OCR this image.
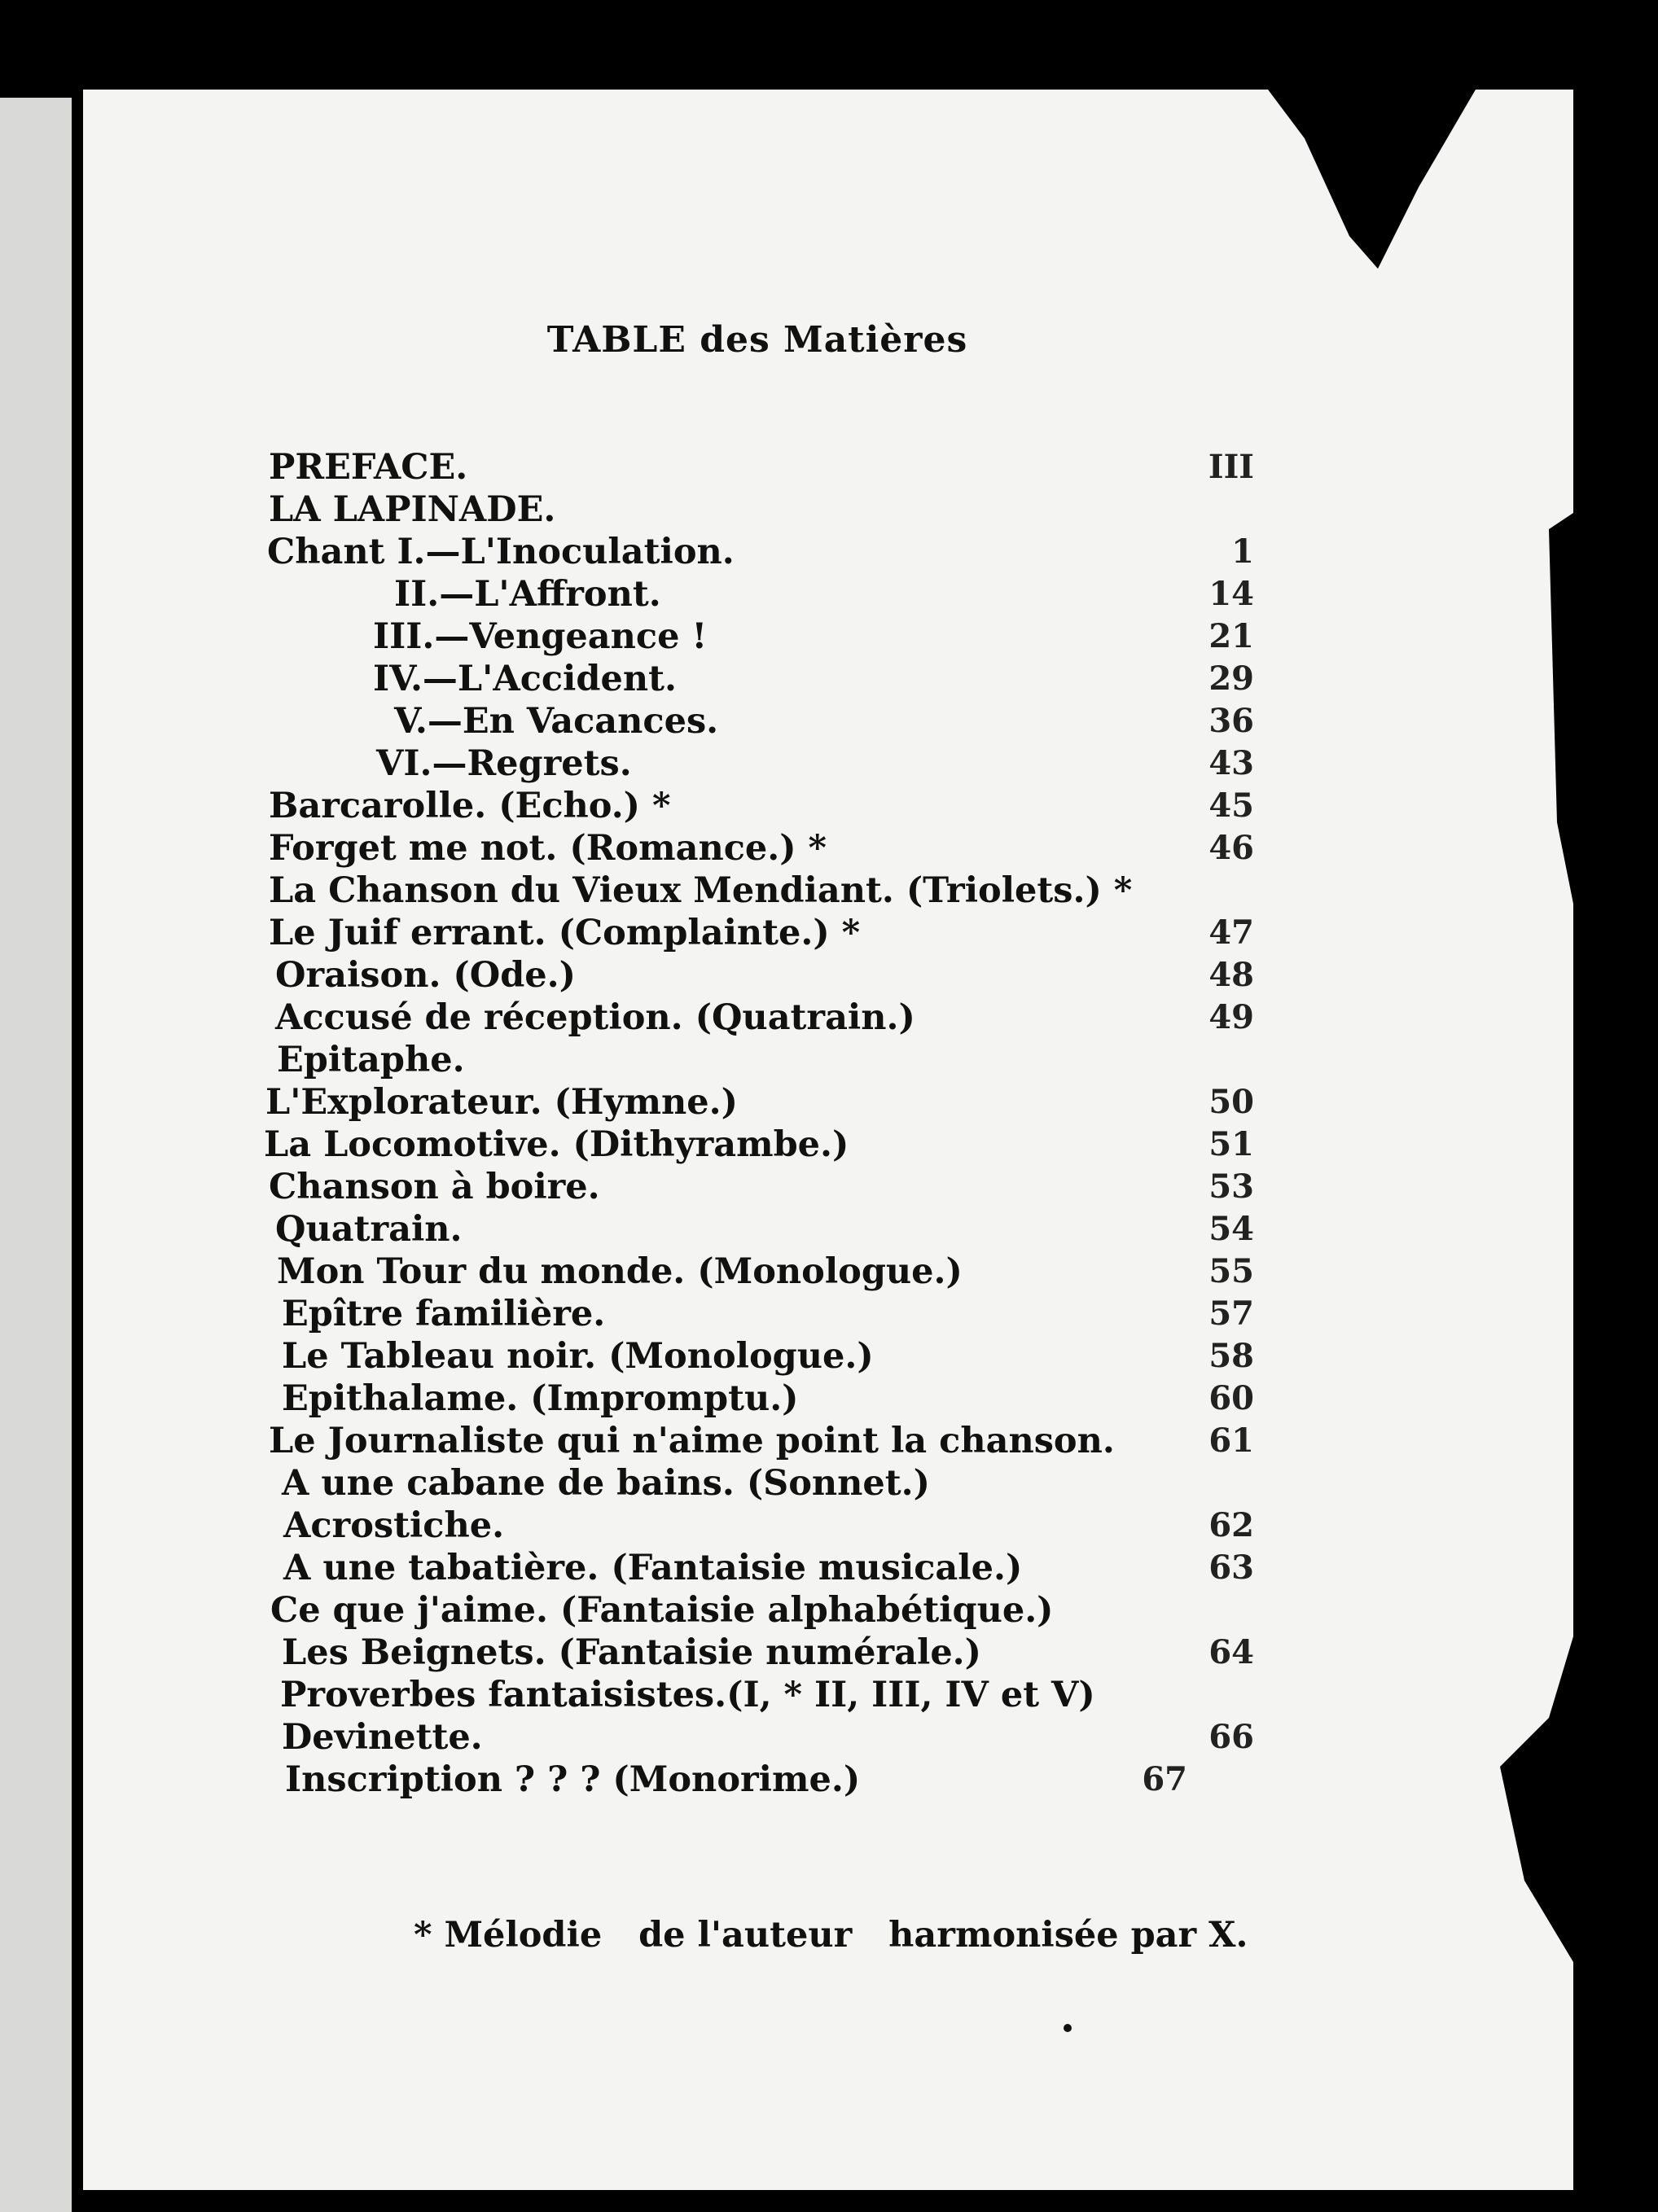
TABLE des Matières
PREFACE.	III
LA LAPINADE.
Chant I.—L'Inoculation.	1
II.—L'Affront.	14
III.—Vengeance !	21
IV.—L'Accident.	29
V.—En Vacances.	36
VI.—Regrets.	43
Barcarolle. (Echo.) *	45
Forget me not. (Romance.) *	46
La Chanson du Vieux Mendiant. (Triolets.) *
Le Juif errant. (Complainte.) *	47
Oraison. (Ode.)	48
Accusé de réception. (Quatrain.)	49
Epitaphe.
L'Explorateur. (Hymne.)	50
La Locomotive. (Dithyrambe.)	51
Chanson à boire.	53
Quatrain.	54
Mon Tour du monde. (Monologue.)	55
Epître familière.	57
Le Tableau noir. (Monologue.)	58
Epithalame. (Impromptu.)	60
Le Journaliste qui n'aime point la chanson.	61
A une cabane de bains. (Sonnet.)
Acrostiche.	62
A une tabatière. (Fantaisie musicale.)	63
Ce que j'aime. (Fantaisie alphabétique.)
Les Beignets. (Fantaisie numérale.)	64
Proverbes fantaisistes.(I, * II, III, IV et V)
Devinette.	66
Inscription ? ? ? (Monorime.)	67
* Mélodie   de l'auteur   harmonisée par X.
